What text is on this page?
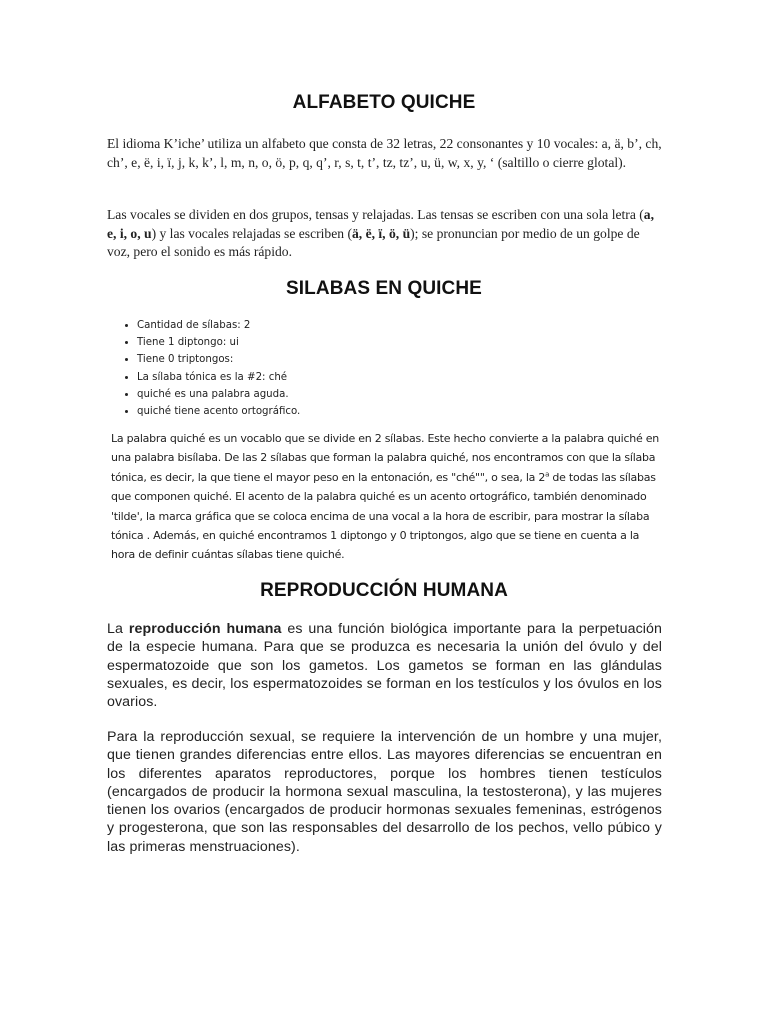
ALFABETO QUICHE

El idioma K’iche’ utiliza un alfabeto que consta de 32 letras, 22 consonantes y 10 vocales: a, ä, b’, ch, ch’, e, ë, i, ï, j, k, k’, l, m, n, o, ö, p, q, q’, r, s, t, t’, tz, tz’, u, ü, w, x, y, ‘ (saltillo o cierre glotal).

Las vocales se dividen en dos grupos, tensas y relajadas. Las tensas se escriben con una sola letra (a, e, i, o, u) y las vocales relajadas se escriben (ä, ë, ï, ö, ü); se pronuncian por medio de un golpe de voz, pero el sonido es más rápido.

SILABAS EN QUICHE
• Cantidad de sílabas: 2
• Tiene 1 diptongo: ui
• Tiene 0 triptongos:
• La sílaba tónica es la #2: ché
• quiché es una palabra aguda.
• quiché tiene acento ortográfico.

La palabra quiché es un vocablo que se divide en 2 sílabas. Este hecho convierte a la palabra quiché en una palabra bisílaba. De las 2 sílabas que forman la palabra quiché, nos encontramos con que la sílaba tónica, es decir, la que tiene el mayor peso en la entonación, es "ché"", o sea, la 2$^a$ de todas las sílabas que componen quiché. El acento de la palabra quiché es un acento ortográfico, también denominado 'tilde', la marca gráfica que se coloca encima de una vocal a la hora de escribir, para mostrar la sílaba tónica . Además, en quiché encontramos 1 diptongo y 0 triptongos, algo que se tiene en cuenta a la hora de definir cuántas sílabas tiene quiché.

REPRODUCCIÓN HUMANA

La reproducción humana es una función biológica importante para la perpetuación de la especie humana. Para que se produzca es necesaria la unión del óvulo y del espermatozoide que son los gametos. Los gametos se forman en las glándulas sexuales, es decir, los espermatozoides se forman en los testículos y los óvulos en los ovarios.

Para la reproducción sexual, se requiere la intervención de un hombre y una mujer, que tienen grandes diferencias entre ellos. Las mayores diferencias se encuentran en los diferentes aparatos reproductores, porque los hombres tienen testículos (encargados de producir la hormona sexual masculina, la testosterona), y las mujeres tienen los ovarios (encargados de producir hormonas sexuales femeninas, estrógenos y progesterona, que son las responsables del desarrollo de los pechos, vello púbico y las primeras menstruaciones).
